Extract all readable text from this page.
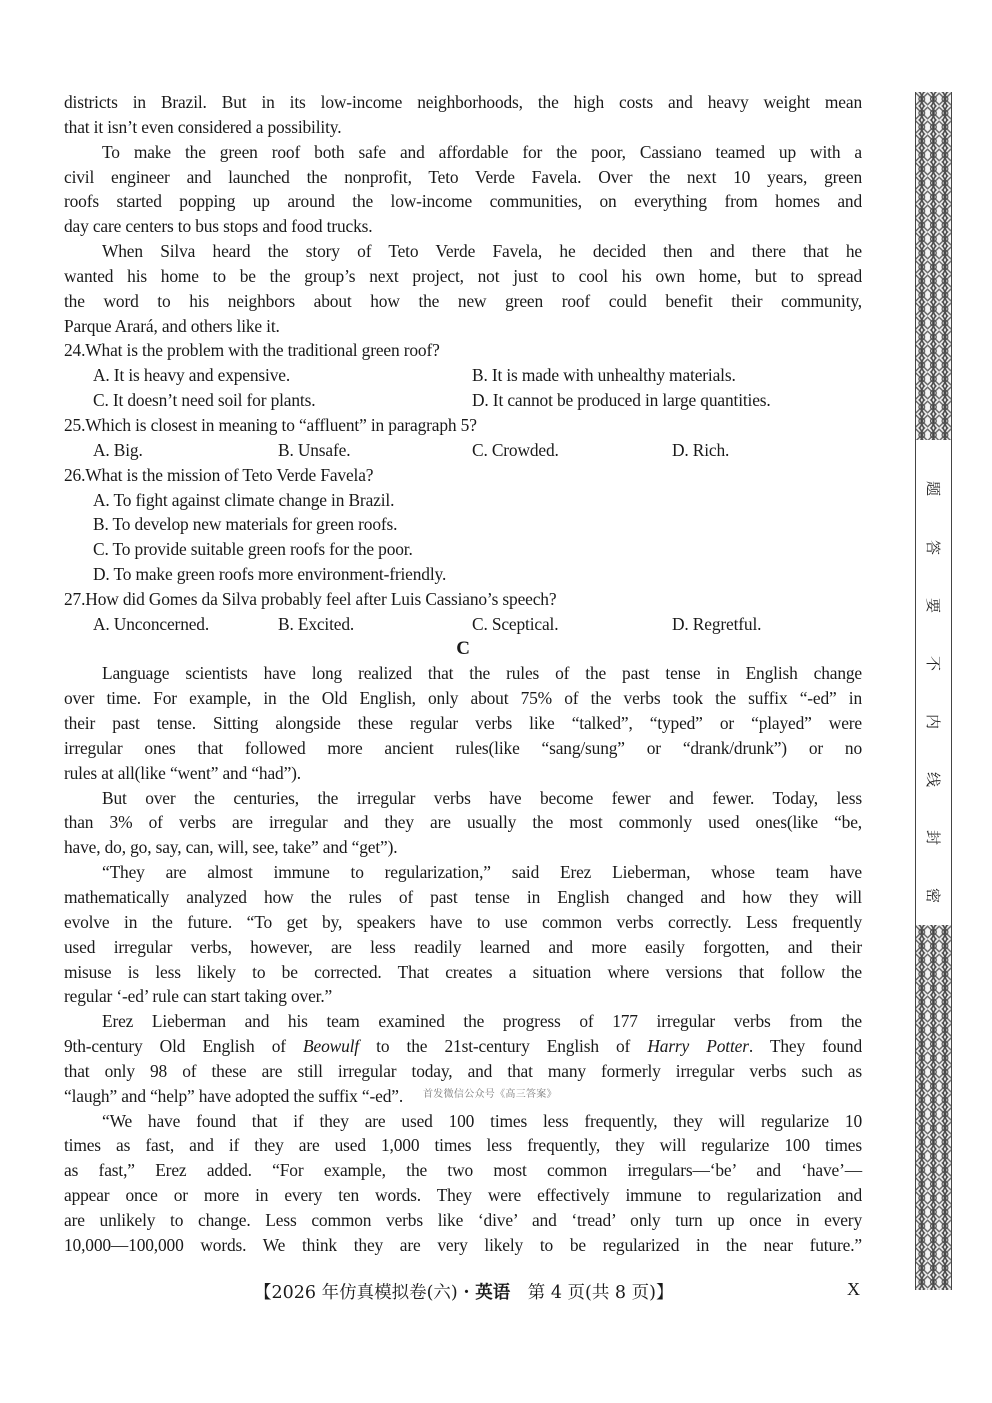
districts in Brazil. But in its low-income neighborhoods, the high costs and heavy weight mean
that it isn’t even considered a possibility.
To make the green roof both safe and affordable for the poor, Cassiano teamed up with a
civil engineer and launched the nonprofit, Teto Verde Favela. Over the next 10 years, green
roofs started popping up around the low-income communities, on everything from homes and
day care centers to bus stops and food trucks.
When Silva heard the story of Teto Verde Favela, he decided then and there that he
wanted his home to be the group’s next project, not just to cool his own home, but to spread
the word to his neighbors about how the new green roof could benefit their community,
Parque Arará, and others like it.
24.What is the problem with the traditional green roof?
A. It is heavy and expensive.	B. It is made with unhealthy materials.
C. It doesn’t need soil for plants.	D. It cannot be produced in large quantities.
25.Which is closest in meaning to “affluent” in paragraph 5?
A. Big.	B. Unsafe.	C. Crowded.	D. Rich.
26.What is the mission of Teto Verde Favela?
A. To fight against climate change in Brazil.
B. To develop new materials for green roofs.
C. To provide suitable green roofs for the poor.
D. To make green roofs more environment-friendly.
27.How did Gomes da Silva probably feel after Luis Cassiano’s speech?
A. Unconcerned.	B. Excited.	C. Sceptical.	D. Regretful.
C
Language scientists have long realized that the rules of the past tense in English change
over time. For example, in the Old English, only about 75% of the verbs took the suffix “-ed” in
their past tense. Sitting alongside these regular verbs like “talked”, “typed” or “played” were
irregular ones that followed more ancient rules(like “sang/sung” or “drank/drunk”) or no
rules at all(like “went” and “had”).
But over the centuries, the irregular verbs have become fewer and fewer. Today, less
than 3% of verbs are irregular and they are usually the most commonly used ones(like “be,
have, do, go, say, can, will, see, take” and “get”).
“They are almost immune to regularization,” said Erez Lieberman, whose team have
mathematically analyzed how the rules of past tense in English changed and how they will
evolve in the future. “To get by, speakers have to use common verbs correctly. Less frequently
used irregular verbs, however, are less readily learned and more easily forgotten, and their
misuse is less likely to be corrected. That creates a situation where versions that follow the
regular ‘-ed’ rule can start taking over.”
Erez Lieberman and his team examined the progress of 177 irregular verbs from the
9th-century Old English of Beowulf to the 21st-century English of Harry Potter. They found
that only 98 of these are still irregular today, and that many formerly irregular verbs such as
“laugh” and “help” have adopted the suffix “-ed”.
“We have found that if they are used 100 times less frequently, they will regularize 10
times as fast, and if they are used 1,000 times less frequently, they will regularize 100 times
as fast,” Erez added. “For example, the two most common irregulars—‘be’ and ‘have’—
appear once or more in every ten words. They were effectively immune to regularization and
are unlikely to change. Less common verbs like ‘dive’ and ‘tread’ only turn up once in every
10,000—100,000 words. We think they are very likely to be regularized in the near future.”
首发微信公众号《高三答案》
【2026 年仿真模拟卷(六)・英语　第 4 页(共 8 页)】	X
题
答
要
不
内
线
封
密
